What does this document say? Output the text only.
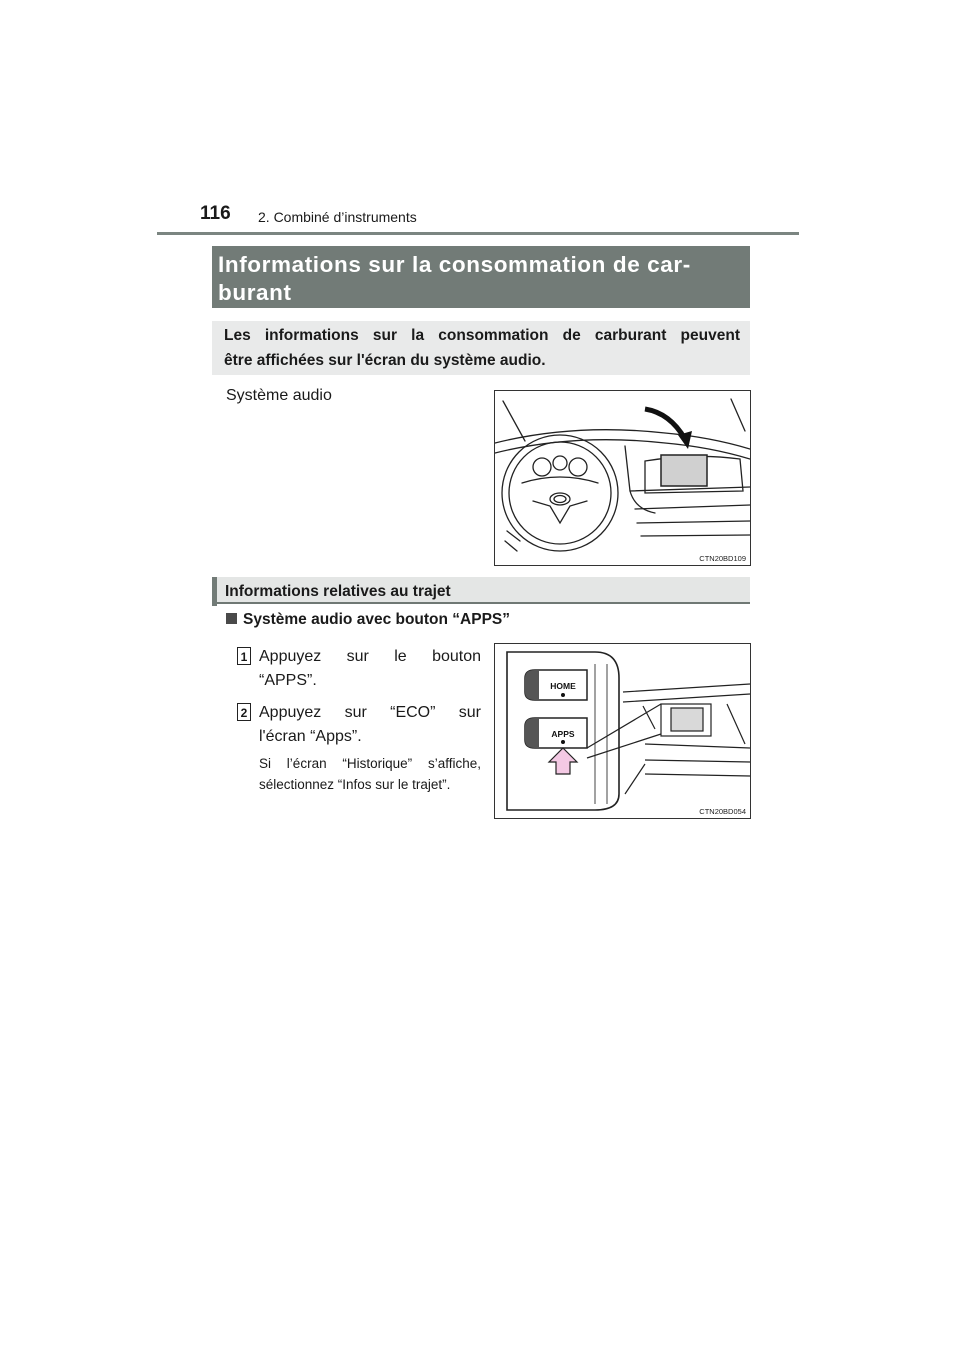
116 2. Combiné d’instruments
Informations sur la consommation de car-
burant
Les informations sur la consommation de carburant peuvent
être affichées sur l'écran du système audio.
Système audio
CTN20BD109
Informations relatives au trajet
Système audio avec bouton “APPS”
1 Appuyez sur le bouton
“APPS”.
2 Appuyez sur “ECO” sur
l'écran “Apps”.
Si l’écran “Historique” s’affiche,
sélectionnez “Infos sur le trajet”.
HOME
APPS
CTN20BD054
